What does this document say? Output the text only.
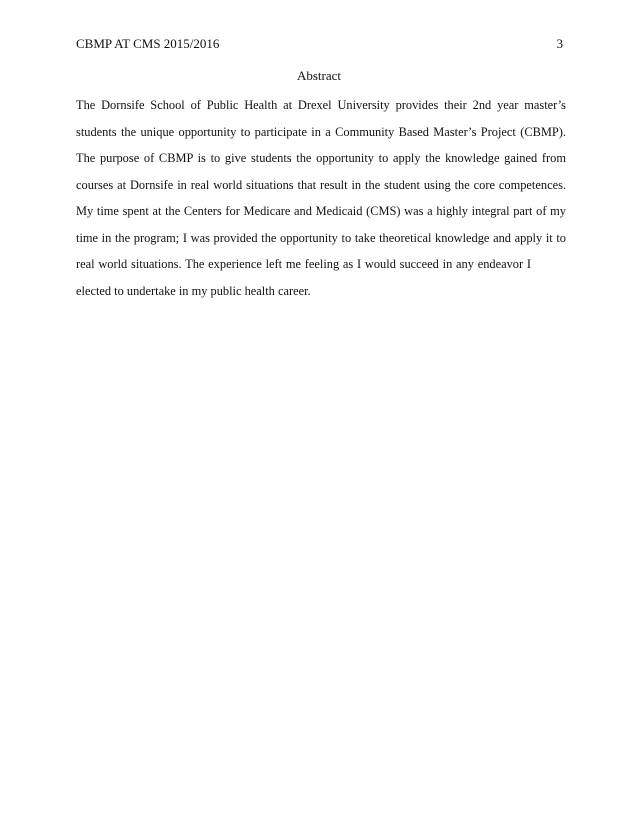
CBMP AT CMS 2015/2016	3
Abstract
The Dornsife School of Public Health at Drexel University provides their 2nd year master’s
students the unique opportunity to participate in a Community Based Master’s Project (CBMP).
The purpose of CBMP is to give students the opportunity to apply the knowledge gained from
courses at Dornsife in real world situations that result in the student using the core competences.
My time spent at the Centers for Medicare and Medicaid (CMS) was a highly integral part of my
time in the program; I was provided the opportunity to take theoretical knowledge and apply it to
real world situations. The experience left me feeling as I would succeed in any endeavor I
elected to undertake in my public health career.
